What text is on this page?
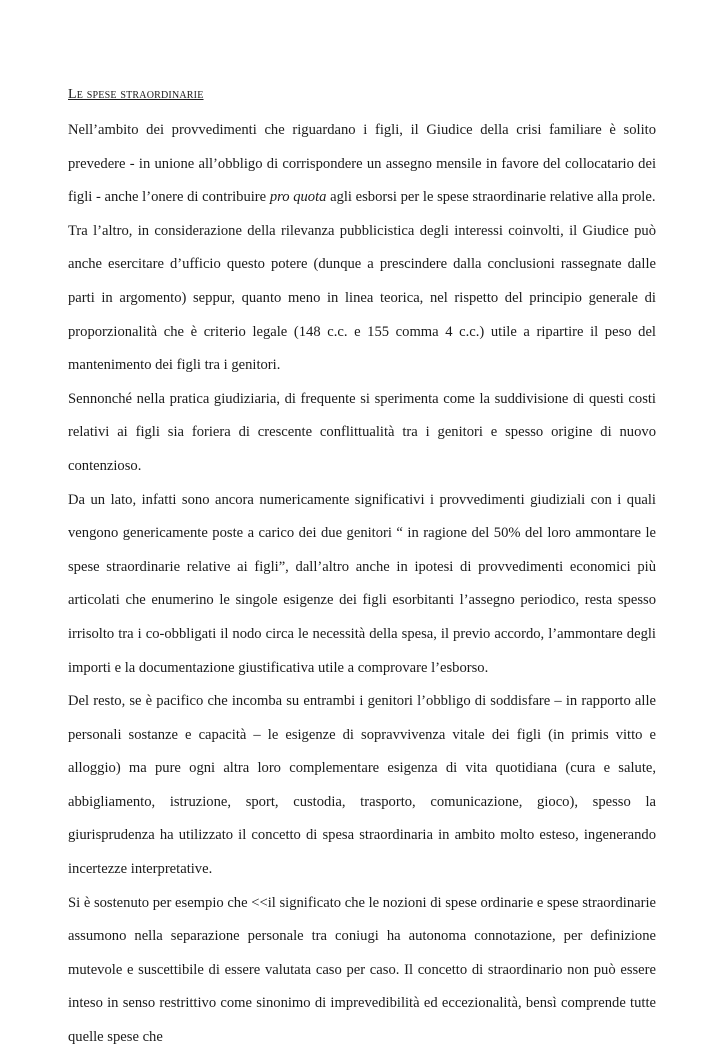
Le spese straordinarie

Nell’ambito dei provvedimenti che riguardano i figli, il Giudice della crisi familiare è solito prevedere - in unione all’obbligo di corrispondere un assegno mensile in favore del collocatario dei figli - anche l’onere di contribuire pro quota agli esborsi per le spese straordinarie relative alla prole.

Tra l’altro, in considerazione della rilevanza pubblicistica degli interessi coinvolti, il Giudice può anche esercitare d’ufficio questo potere (dunque a prescindere dalla conclusioni rassegnate dalle parti in argomento) seppur, quanto meno in linea teorica, nel rispetto del principio generale di proporzionalità che è criterio legale (148 c.c. e 155 comma 4 c.c.) utile a ripartire il peso del mantenimento dei figli tra i genitori.

Sennonché nella pratica giudiziaria, di frequente si sperimenta come la suddivisione di questi costi relativi ai figli sia foriera di crescente conflittualità tra i genitori e spesso origine di nuovo contenzioso.

Da un lato, infatti sono ancora numericamente significativi i provvedimenti giudiziali con i quali vengono genericamente poste a carico dei due genitori “ in ragione del 50% del loro ammontare le spese straordinarie relative ai figli”, dall’altro anche in ipotesi di provvedimenti economici più articolati che enumerino le singole esigenze dei figli esorbitanti l’assegno periodico, resta spesso irrisolto tra i co-obbligati il nodo circa le necessità della spesa, il previo accordo, l’ammontare degli importi e la documentazione giustificativa utile a comprovare l’esborso.

Del resto, se è pacifico che incomba su entrambi i genitori l’obbligo di soddisfare – in rapporto alle personali sostanze e capacità – le esigenze di sopravvivenza vitale dei figli (in primis vitto e alloggio) ma pure ogni altra loro complementare esigenza di vita quotidiana (cura e salute, abbigliamento, istruzione, sport, custodia, trasporto, comunicazione, gioco), spesso la giurisprudenza ha utilizzato il concetto di spesa straordinaria in ambito molto esteso, ingenerando incertezze interpretative.

Si è sostenuto per esempio che <<il significato che le nozioni di spese ordinarie e spese straordinarie assumono nella separazione personale tra coniugi ha autonoma connotazione, per definizione mutevole e suscettibile di essere valutata caso per caso. Il concetto di straordinario non può essere inteso in senso restrittivo come sinonimo di imprevedibilità ed eccezionalità, bensì comprende tutte quelle spese che
